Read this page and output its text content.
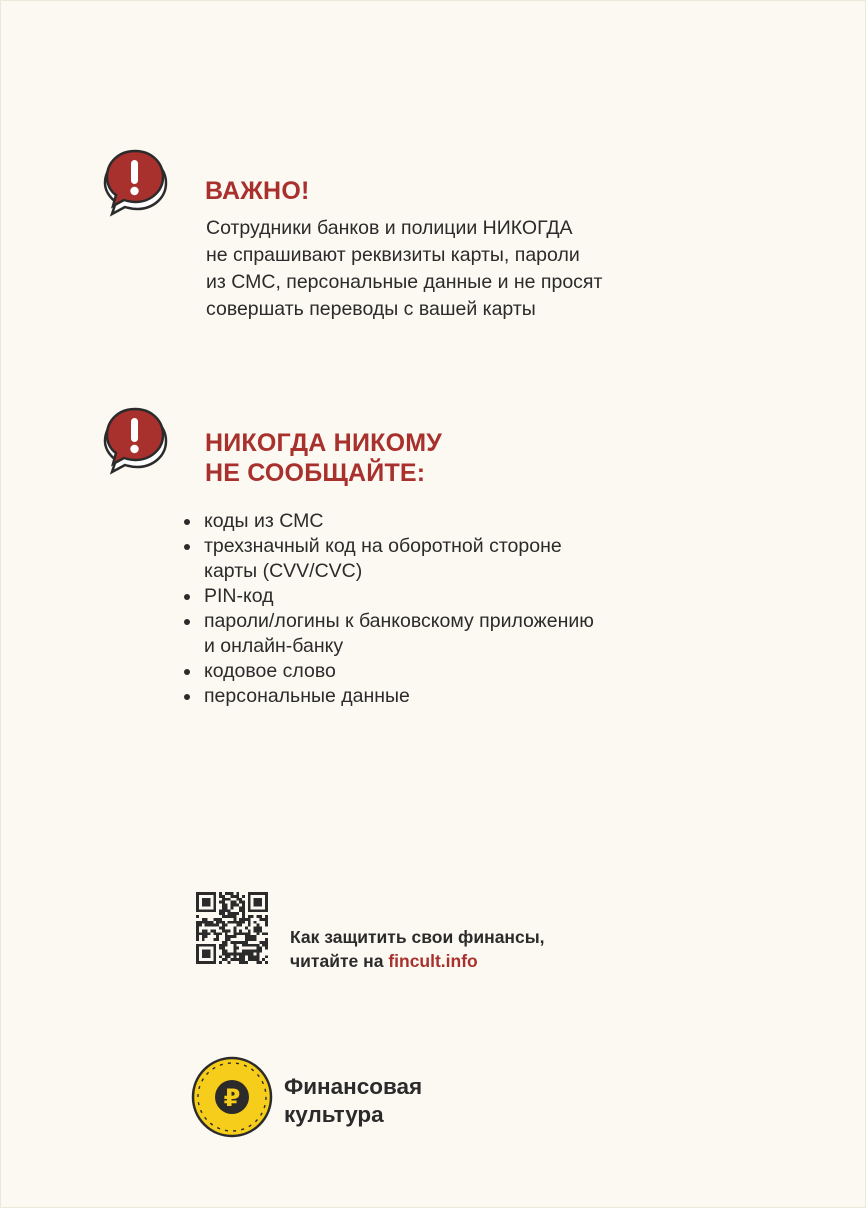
ВАЖНО!

Сотрудники банков и полиции НИКОГДА
не спрашивают реквизиты карты, пароли
из СМС, персональные данные и не просят
совершать переводы с вашей карты

НИКОГДА НИКОМУ
НЕ СООБЩАЙТЕ:
коды из СМС
трехзначный код на оборотной стороне
карты (CVV/CVC)
PIN-код
пароли/логины к банковскому приложению
и онлайн-банку
кодовое слово
персональные данные

Как защитить свои финансы,
читайте на fincult.info

₽ Финансовая
культура
